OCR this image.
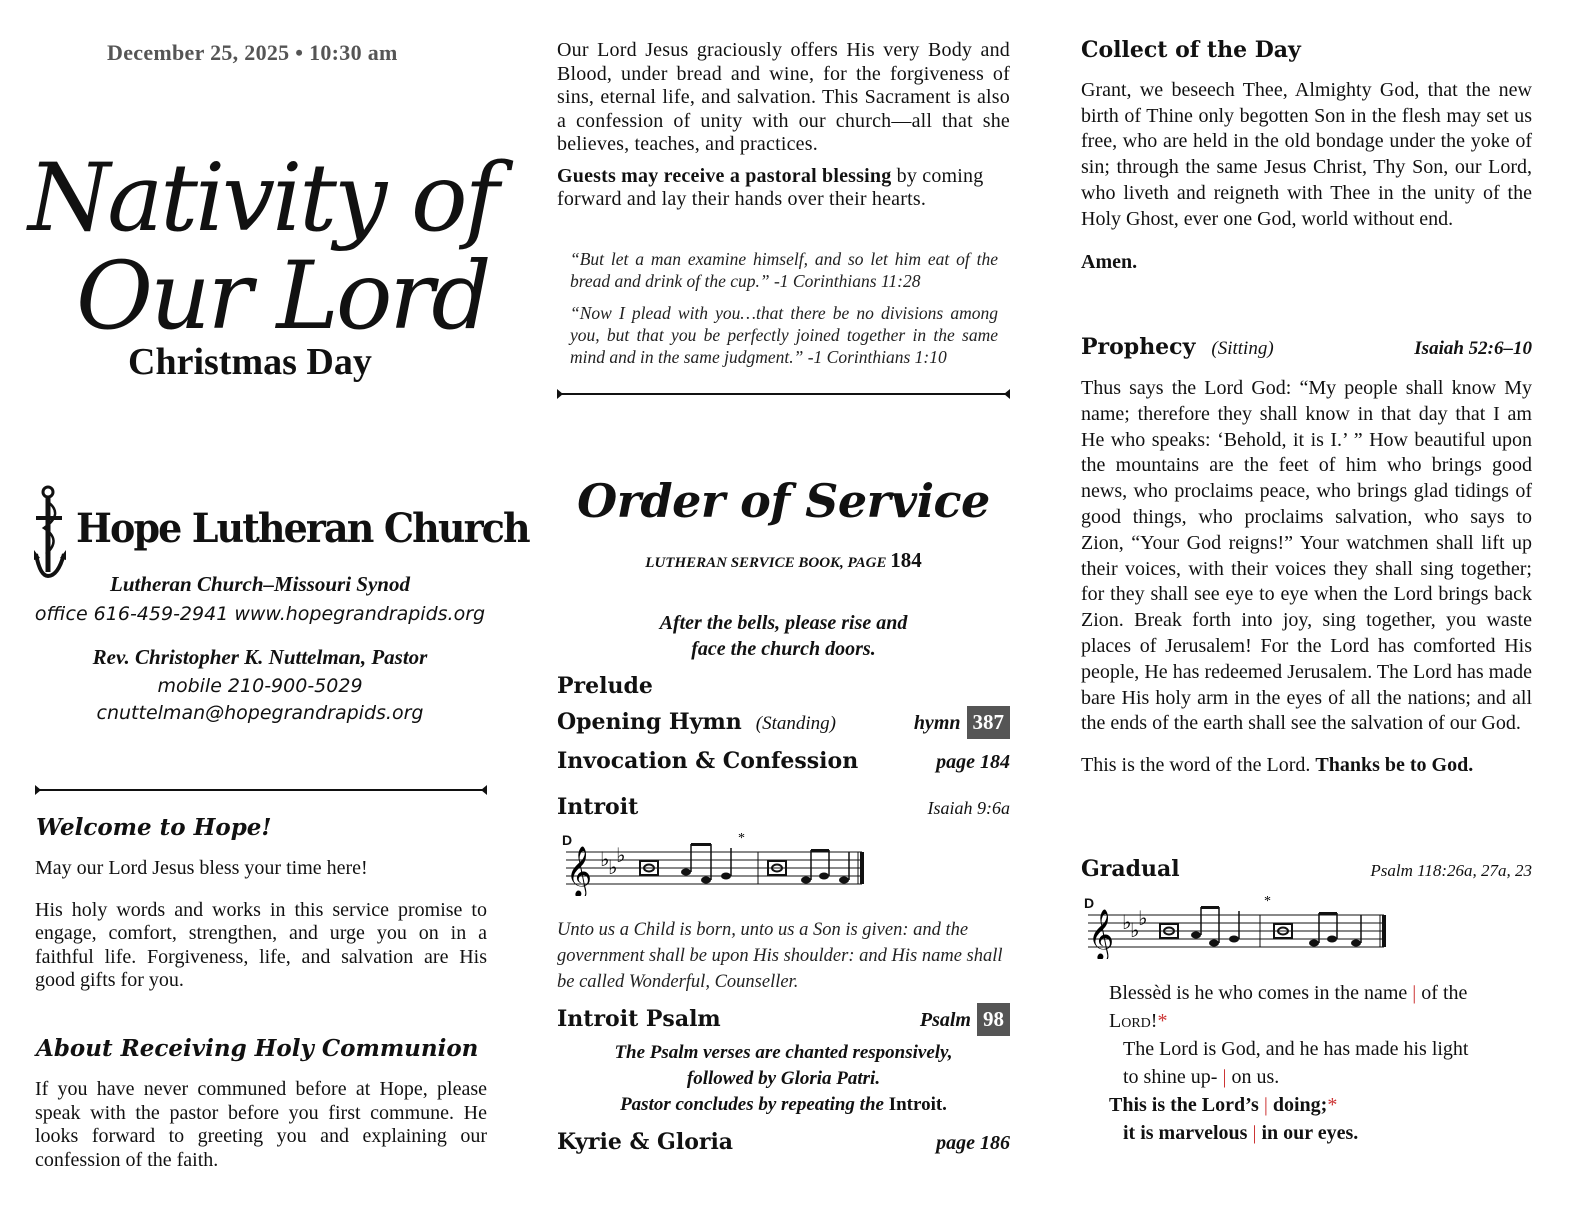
December 25, 2025 • 10:30 am
Nativity of
Our Lord
Christmas Day
Hope Lutheran Church
Lutheran Church–Missouri Synod
office 616-459-2941 www.hopegrandrapids.org
Rev. Christopher K. Nuttelman, Pastor
mobile 210-900-5029
cnuttelman@hopegrandrapids.org
Welcome to Hope!

May our Lord Jesus bless your time here!

His holy words and works in this service promise to engage, comfort, strengthen, and urge you on in a faithful life. Forgiveness, life, and salvation are His good gifts for you.

About Receiving Holy Communion

If you have never communed before at Hope, please speak with the pastor before you first commune. He looks forward to greeting you and explaining our confession of the faith.

Our Lord Jesus graciously offers His very Body and Blood, under bread and wine, for the forgiveness of sins, eternal life, and salvation. This Sacrament is also a confession of unity with our church—all that she believes, teaches, and practices.

Guests may receive a pastoral blessing by coming forward and lay their hands over their hearts.

“But let a man examine himself, and so let him eat of the bread and drink of the cup.” -1 Corinthians 11:28

“Now I plead with you…that there be no divisions among you, but that you be perfectly joined together in the same mind and in the same judgment.” -1 Corinthians 1:10

Order of Service
LUTHERAN SERVICE BOOK, PAGE 184
After the bells, please rise and
face the church doors.
Prelude
Opening Hymn (Standing)	hymn 387
Invocation & Confession	page 184
Introit	Isaiah 9:6a
D
𝄞 ♭
♭
♭
*
Unto us a Child is born, unto us a Son is given: and the government shall be upon His shoulder: and His name shall be called Wonderful, Counseller.
Introit Psalm	Psalm 98
The Psalm verses are chanted responsively,
followed by Gloria Patri.
Pastor concludes by repeating the Introit.
Kyrie & Gloria	page 186
Collect of the Day

Grant, we beseech Thee, Almighty God, that the new birth of Thine only begotten Son in the flesh may set us free, who are held in the old bondage under the yoke of sin; through the same Jesus Christ, Thy Son, our Lord, who liveth and reigneth with Thee in the unity of the Holy Ghost, ever one God, world without end.

Amen.

Prophecy (Sitting)	Isaiah 52:6–10

Thus says the Lord God: “My people shall know My name; therefore they shall know in that day that I am He who speaks: ‘Behold, it is I.’ ” How beautiful upon the mountains are the feet of him who brings good news, who proclaims peace, who brings glad tidings of good things, who proclaims salvation, who says to Zion, “Your God reigns!” Your watchmen shall lift up their voices, with their voices they shall sing together; for they shall see eye to eye when the Lord brings back Zion. Break forth into joy, sing together, you waste places of Jerusalem! For the Lord has comforted His people, He has redeemed Jerusalem. The Lord has made bare His holy arm in the eyes of all the nations; and all the ends of the earth shall see the salvation of our God.

This is the word of the Lord. Thanks be to God.

Gradual	Psalm 118:26a, 27a, 23
D
𝄞 ♭
♭
♭
*
Blessèd is he who comes in the name | of the
Lord!*
The Lord is God, and he has made his light
to shine up- | on us.
This is the Lord’s | doing;*
it is marvelous | in our eyes.
